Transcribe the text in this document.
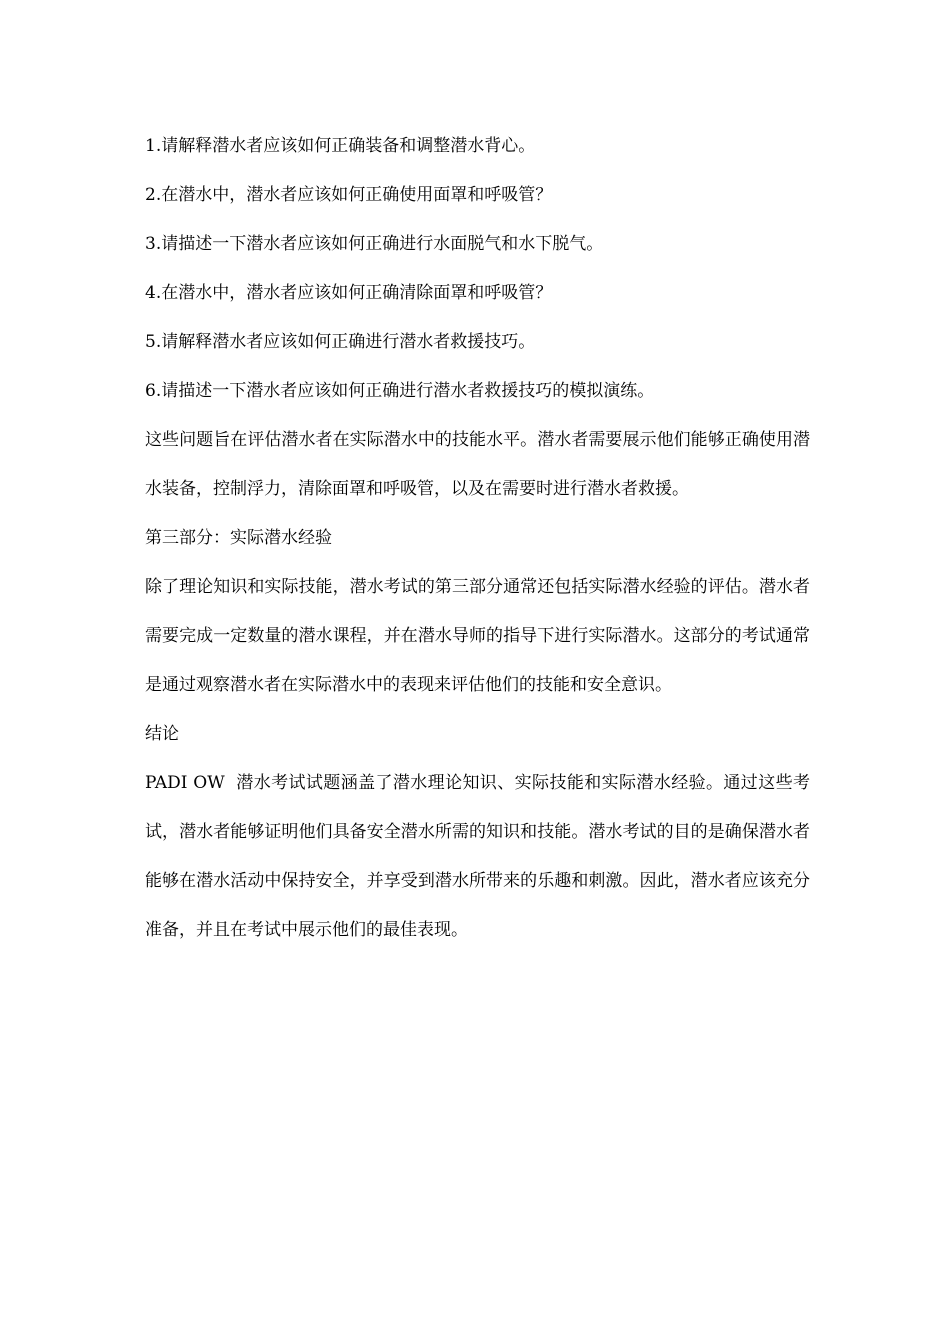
1.请解释潜水者应该如何正确装备和调整潜水背心。

2.在潜水中，潜水者应该如何正确使用面罩和呼吸管？

3.请描述一下潜水者应该如何正确进行水面脱气和水下脱气。

4.在潜水中，潜水者应该如何正确清除面罩和呼吸管？

5.请解释潜水者应该如何正确进行潜水者救援技巧。

6.请描述一下潜水者应该如何正确进行潜水者救援技巧的模拟演练。

这些问题旨在评估潜水者在实际潜水中的技能水平。潜水者需要展示他们能够正确使用潜水装备，控制浮力，清除面罩和呼吸管，以及在需要时进行潜水者救援。

第三部分：实际潜水经验

除了理论知识和实际技能，潜水考试的第三部分通常还包括实际潜水经验的评估。潜水者需要完成一定数量的潜水课程，并在潜水导师的指导下进行实际潜水。这部分的考试通常是通过观察潜水者在实际潜水中的表现来评估他们的技能和安全意识。

结论

PADI OW  潜水考试试题涵盖了潜水理论知识、实际技能和实际潜水经验。通过这些考试，潜水者能够证明他们具备安全潜水所需的知识和技能。潜水考试的目的是确保潜水者能够在潜水活动中保持安全，并享受到潜水所带来的乐趣和刺激。因此，潜水者应该充分准备，并且在考试中展示他们的最佳表现。
